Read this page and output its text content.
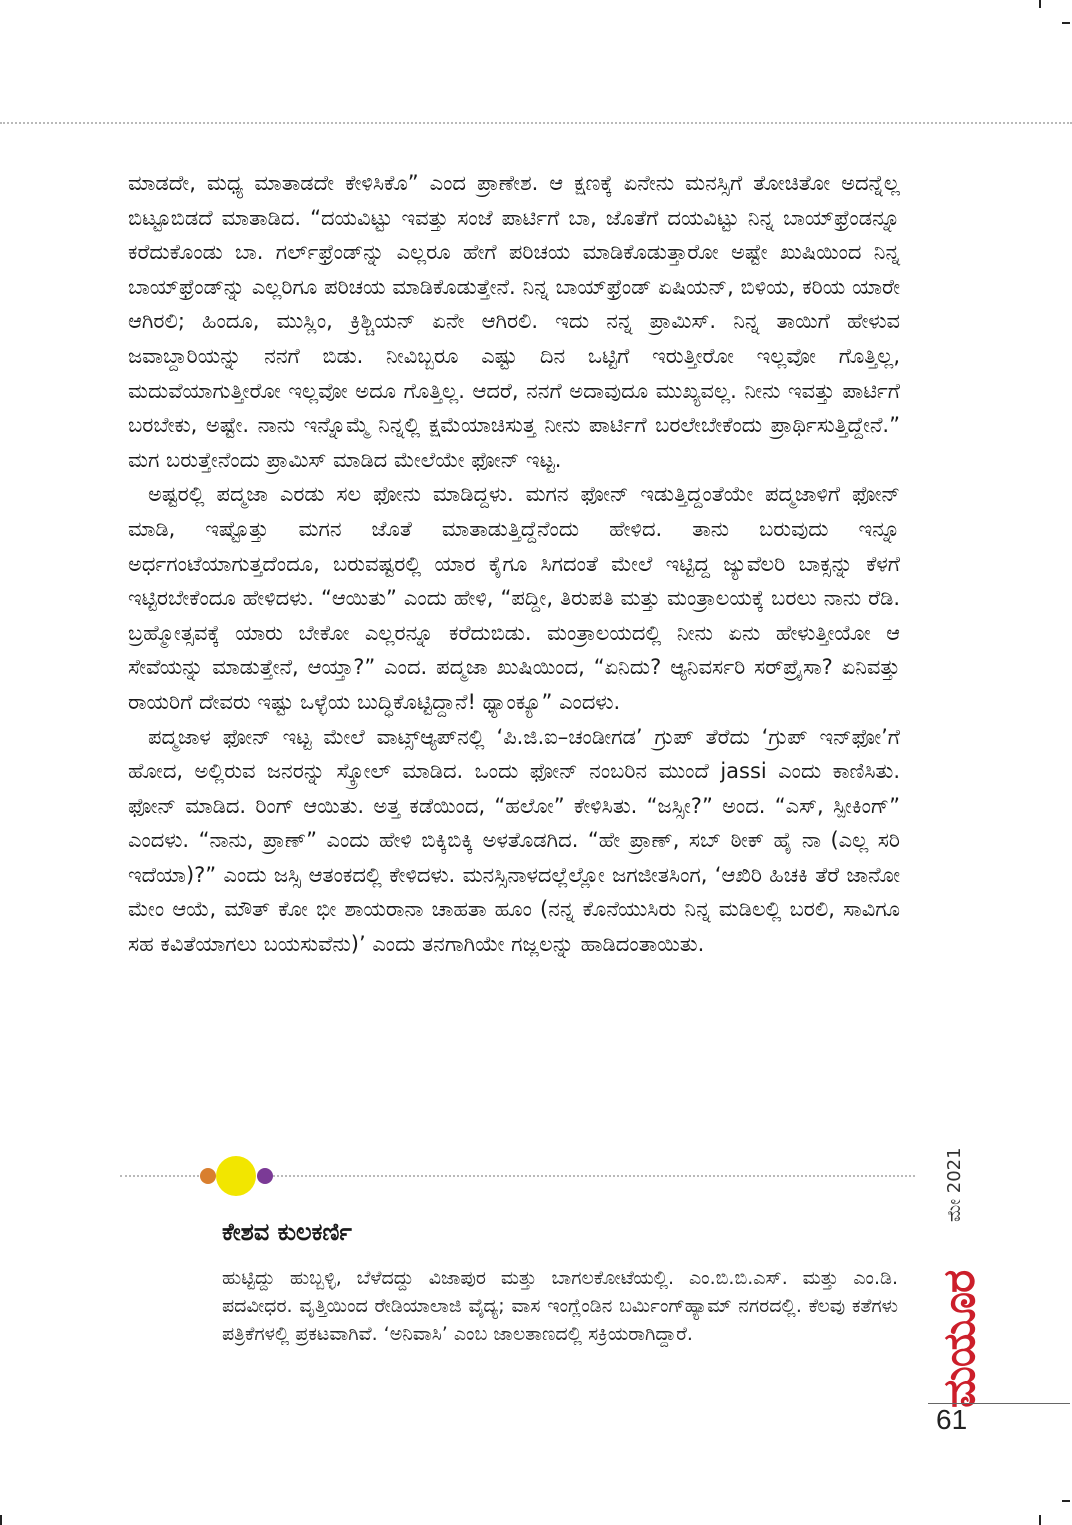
ಮಾಡದೇ, ಮಧ್ಯ ಮಾತಾಡದೇ ಕೇಳಿಸಿಕೊ” ಎಂದ ಪ್ರಾಣೇಶ. ಆ ಕ್ಷಣಕ್ಕೆ ಏನೇನು ಮನಸ್ಸಿಗೆ ತೋಚಿತೋ ಅದನ್ನೆಲ್ಲ ಬಿಟ್ಟೂಬಿಡದೆ ಮಾತಾಡಿದ. “ದಯವಿಟ್ಟು ಇವತ್ತು ಸಂಜೆ ಪಾರ್ಟಿಗೆ ಬಾ, ಜೊತೆಗೆ ದಯವಿಟ್ಟು ನಿನ್ನ ಬಾಯ್‌ಫ್ರೆಂಡನ್ನೂ ಕರೆದುಕೊಂಡು ಬಾ. ಗರ್ಲ್‌ಫ್ರೆಂಡ್‌ನ್ನು ಎಲ್ಲರೂ ಹೇಗೆ ಪರಿಚಯ ಮಾಡಿಕೊಡುತ್ತಾರೋ ಅಷ್ಟೇ ಖುಷಿಯಿಂದ ನಿನ್ನ ಬಾಯ್‌ಫ್ರೆಂಡ್‌ನ್ನು ಎಲ್ಲರಿಗೂ ಪರಿಚಯ ಮಾಡಿಕೊಡುತ್ತೇನೆ. ನಿನ್ನ ಬಾಯ್‌ಫ್ರೆಂಡ್ ಏಷಿಯನ್, ಬಿಳಿಯ, ಕರಿಯ ಯಾರೇ ಆಗಿರಲಿ; ಹಿಂದೂ, ಮುಸ್ಲಿಂ, ಕ್ರಿಶ್ಚಿಯನ್ ಏನೇ ಆಗಿರಲಿ. ಇದು ನನ್ನ ಪ್ರಾಮಿಸ್. ನಿನ್ನ ತಾಯಿಗೆ ಹೇಳುವ ಜವಾಬ್ದಾರಿಯನ್ನು ನನಗೆ ಬಿಡು. ನೀವಿಬ್ಬರೂ ಎಷ್ಟು ದಿನ ಒಟ್ಟಿಗೆ ಇರುತ್ತೀರೋ ಇಲ್ಲವೋ ಗೊತ್ತಿಲ್ಲ, ಮದುವೆಯಾಗುತ್ತೀರೋ ಇಲ್ಲವೋ ಅದೂ ಗೊತ್ತಿಲ್ಲ. ಆದರೆ, ನನಗೆ ಅದಾವುದೂ ಮುಖ್ಯವಲ್ಲ. ನೀನು ಇವತ್ತು ಪಾರ್ಟಿಗೆ ಬರಬೇಕು, ಅಷ್ಟೇ. ನಾನು ಇನ್ನೊಮ್ಮೆ ನಿನ್ನಲ್ಲಿ ಕ್ಷಮೆಯಾಚಿಸುತ್ತ ನೀನು ಪಾರ್ಟಿಗೆ ಬರಲೇಬೇಕೆಂದು ಪ್ರಾರ್ಥಿಸುತ್ತಿದ್ದೇನೆ.” ಮಗ ಬರುತ್ತೇನೆಂದು ಪ್ರಾಮಿಸ್ ಮಾಡಿದ ಮೇಲೆಯೇ ಫೋನ್ ಇಟ್ಟ.

ಅಷ್ಟರಲ್ಲಿ ಪದ್ಮಜಾ ಎರಡು ಸಲ ಫೋನು ಮಾಡಿದ್ದಳು. ಮಗನ ಫೋನ್ ಇಡುತ್ತಿದ್ದಂತೆಯೇ ಪದ್ಮಜಾಳಿಗೆ ಫೋನ್ ಮಾಡಿ, ಇಷ್ಟೊತ್ತು ಮಗನ ಜೊತೆ ಮಾತಾಡುತ್ತಿದ್ದೆನೆಂದು ಹೇಳಿದ. ತಾನು ಬರುವುದು ಇನ್ನೂ ಅರ್ಧಗಂಟೆಯಾಗುತ್ತದೆಂದೂ, ಬರುವಷ್ಟರಲ್ಲಿ ಯಾರ ಕೈಗೂ ಸಿಗದಂತೆ ಮೇಲೆ ಇಟ್ಟಿದ್ದ ಜ್ಯುವೆಲರಿ ಬಾಕ್ಸನ್ನು ಕೆಳಗೆ ಇಟ್ಟಿರಬೇಕೆಂದೂ ಹೇಳಿದಳು. “ಆಯಿತು” ಎಂದು ಹೇಳಿ, “ಪದ್ದೀ, ತಿರುಪತಿ ಮತ್ತು ಮಂತ್ರಾಲಯಕ್ಕೆ ಬರಲು ನಾನು ರೆಡಿ. ಬ್ರಹ್ಮೋತ್ಸವಕ್ಕೆ ಯಾರು ಬೇಕೋ ಎಲ್ಲರನ್ನೂ ಕರೆದುಬಿಡು. ಮಂತ್ರಾಲಯದಲ್ಲಿ ನೀನು ಏನು ಹೇಳುತ್ತೀಯೋ ಆ ಸೇವೆಯನ್ನು ಮಾಡುತ್ತೇನೆ, ಆಯ್ತಾ?” ಎಂದ. ಪದ್ಮಜಾ ಖುಷಿಯಿಂದ, “ಏನಿದು? ಆ್ಯನಿವರ್ಸರಿ ಸರ್‌ಪ್ರೈಸಾ? ಏನಿವತ್ತು ರಾಯರಿಗೆ ದೇವರು ಇಷ್ಟು ಒಳ್ಳೆಯ ಬುದ್ಧಿಕೊಟ್ಟಿದ್ದಾನೆ! ಥ್ಯಾಂಕ್ಯೂ” ಎಂದಳು.

ಪದ್ಮಜಾಳ ಫೋನ್ ಇಟ್ಟ ಮೇಲೆ ವಾಟ್ಸ್‌ಆ್ಯಪ್‌ನಲ್ಲಿ ‘ಪಿ.ಜಿ.ಐ–ಚಂಡೀಗಡ’ ಗ್ರುಪ್ ತೆರೆದು ‘ಗ್ರುಪ್ ಇನ್‌ಫೋ’ಗೆ ಹೋದ, ಅಲ್ಲಿರುವ ಜನರನ್ನು ಸ್ಕ್ರೋಲ್ ಮಾಡಿದ. ಒಂದು ಫೋನ್ ನಂಬರಿನ ಮುಂದೆ jassi ಎಂದು ಕಾಣಿಸಿತು. ಫೋನ್ ಮಾಡಿದ. ರಿಂಗ್ ಆಯಿತು. ಅತ್ತ ಕಡೆಯಿಂದ, “ಹಲೋ” ಕೇಳಿಸಿತು. “ಜಸ್ಸೀ?” ಅಂದ. “ಎಸ್, ಸ್ಪೀಕಿಂಗ್” ಎಂದಳು. “ನಾನು, ಪ್ರಾಣ್” ಎಂದು ಹೇಳಿ ಬಿಕ್ಕಿಬಿಕ್ಕಿ ಅಳತೊಡಗಿದ. “ಹೇ ಪ್ರಾಣ್, ಸಬ್ ಠೀಕ್ ಹೈ ನಾ (ಎಲ್ಲ ಸರಿ ಇದೆಯಾ)?” ಎಂದು ಜಸ್ಸಿ ಆತಂಕದಲ್ಲಿ ಕೇಳಿದಳು. ಮನಸ್ಸಿನಾಳದಲ್ಲೆಲ್ಲೋ ಜಗಜೀತಸಿಂಗ, ‘ಆಖಿರಿ ಹಿಚಕಿ ತೆರೆ ಜಾನೋ ಮೇಂ ಆಯೆ, ಮೌತ್ ಕೋ ಭೀ ಶಾಯರಾನಾ ಚಾಹತಾ ಹೂಂ (ನನ್ನ ಕೊನೆಯುಸಿರು ನಿನ್ನ ಮಡಿಲಲ್ಲಿ ಬರಲಿ, ಸಾವಿಗೂ ಸಹ ಕವಿತೆಯಾಗಲು ಬಯಸುವೆನು)’ ಎಂದು ತನಗಾಗಿಯೇ ಗಜ್ಲಲನ್ನು ಹಾಡಿದಂತಾಯಿತು.

ಕೇಶವ ಕುಲಕರ್ಣಿ

ಹುಟ್ಟಿದ್ದು ಹುಬ್ಬಳ್ಳಿ, ಬೆಳೆದದ್ದು ವಿಜಾಪುರ ಮತ್ತು ಬಾಗಲಕೋಟೆಯಲ್ಲಿ. ಎಂ.ಬಿ.ಬಿ.ಎಸ್. ಮತ್ತು ಎಂ.ಡಿ. ಪದವೀಧರ. ವೃತ್ತಿಯಿಂದ ರೇಡಿಯಾಲಾಜಿ ವೈದ್ಯ; ವಾಸ ಇಂಗ್ಲೆಂಡಿನ ಬರ್ಮಿಂಗ್‌ಹ್ಯಾಮ್ ನಗರದಲ್ಲಿ. ಕೆಲವು ಕತೆಗಳು ಪತ್ರಿಕೆಗಳಲ್ಲಿ ಪ್ರಕಟವಾಗಿವೆ. ‘ಅನಿವಾಸಿ’ ಎಂಬ ಜಾಲತಾಣದಲ್ಲಿ ಸಕ್ರಿಯರಾಗಿದ್ದಾರೆ.

ಮೇ 2021
ಮಯೂರ
61
